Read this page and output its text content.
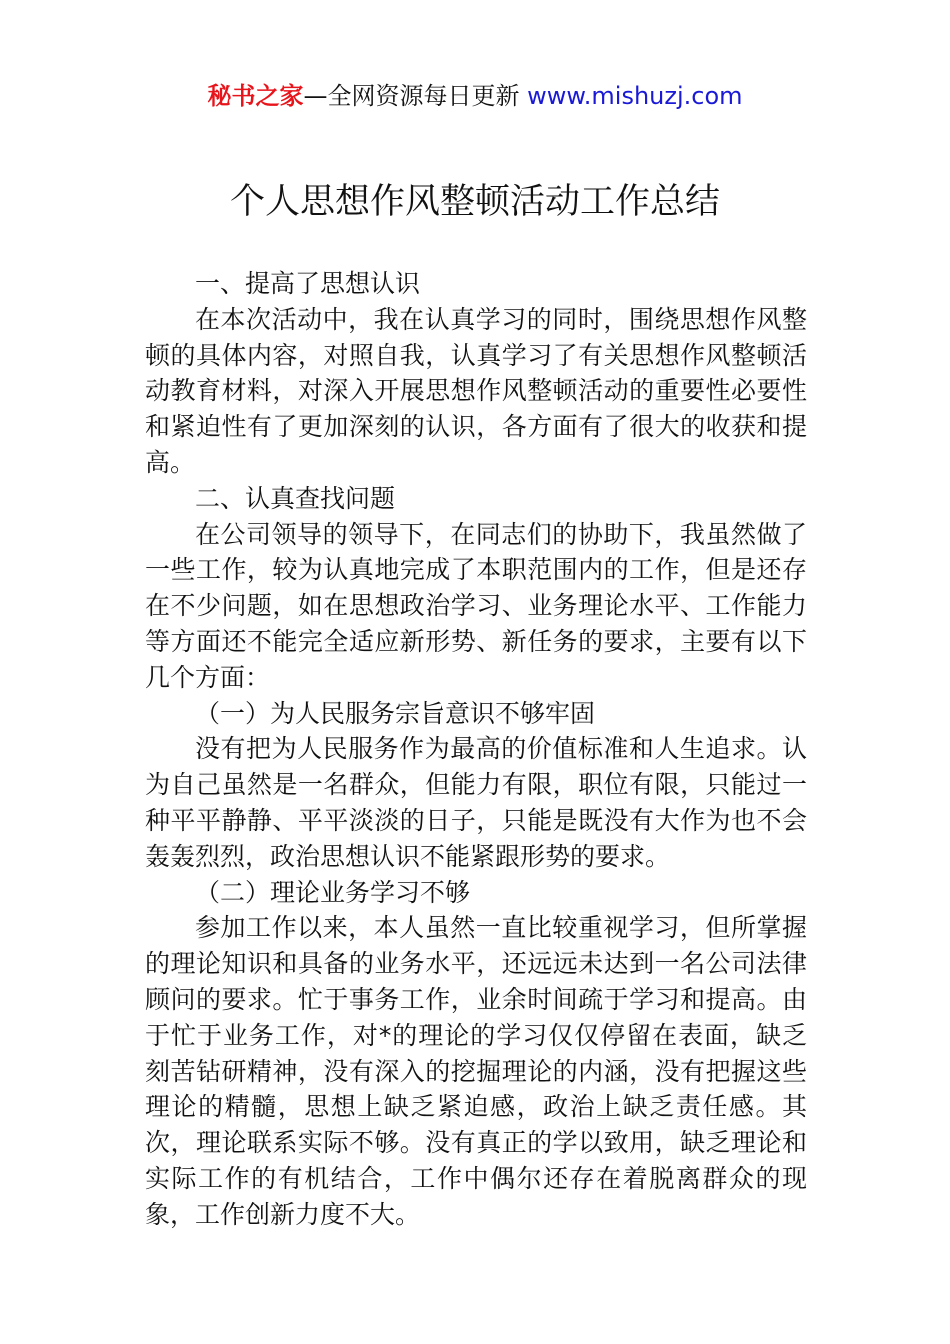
秘书之家—全网资源每日更新 www.mishuzj.com
个人思想作风整顿活动工作总结

一、提高了思想认识

在本次活动中，我在认真学习的同时，围绕思想作风整顿的具体内容，对照自我，认真学习了有关思想作风整顿活动教育材料，对深入开展思想作风整顿活动的重要性必要性和紧迫性有了更加深刻的认识，各方面有了很大的收获和提高。

二、认真查找问题

在公司领导的领导下，在同志们的协助下，我虽然做了一些工作，较为认真地完成了本职范围内的工作，但是还存在不少问题，如在思想政治学习、业务理论水平、工作能力等方面还不能完全适应新形势、新任务的要求，主要有以下几个方面：

（一）为人民服务宗旨意识不够牢固

没有把为人民服务作为最高的价值标准和人生追求。认为自己虽然是一名群众，但能力有限，职位有限，只能过一种平平静静、平平淡淡的日子，只能是既没有大作为也不会轰轰烈烈，政治思想认识不能紧跟形势的要求。

（二）理论业务学习不够

参加工作以来，本人虽然一直比较重视学习，但所掌握的理论知识和具备的业务水平，还远远未达到一名公司法律顾问的要求。忙于事务工作，业余时间疏于学习和提高。由于忙于业务工作，对*的理论的学习仅仅停留在表面，缺乏刻苦钻研精神，没有深入的挖掘理论的内涵，没有把握这些理论的精髓，思想上缺乏紧迫感，政治上缺乏责任感。其次，理论联系实际不够。没有真正的学以致用，缺乏理论和实际工作的有机结合，工作中偶尔还存在着脱离群众的现象，工作创新力度不大。
